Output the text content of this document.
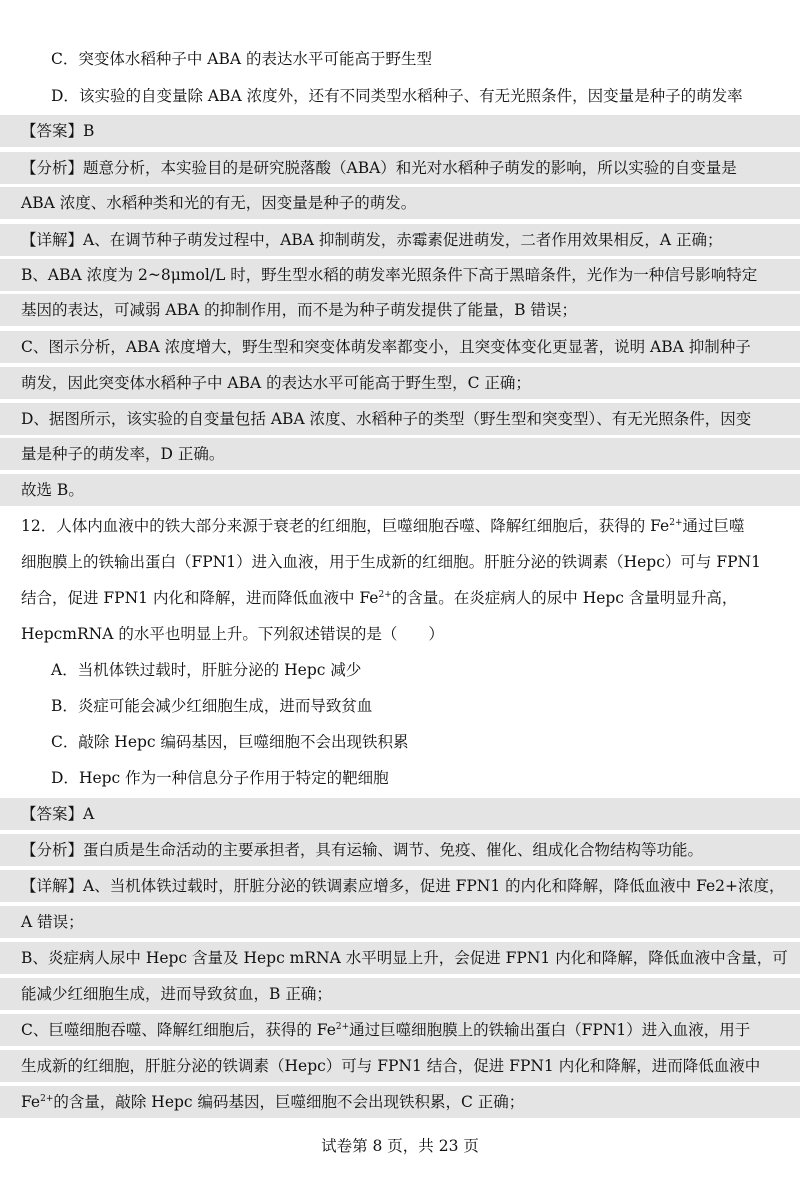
C．突变体水稻种子中 ABA 的表达水平可能高于野生型
D．该实验的自变量除 ABA 浓度外，还有不同类型水稻种子、有无光照条件，因变量是种子的萌发率
【答案】B
【分析】题意分析，本实验目的是研究脱落酸（ABA）和光对水稻种子萌发的影响，所以实验的自变量是
ABA 浓度、水稻种类和光的有无，因变量是种子的萌发。
【详解】A、在调节种子萌发过程中，ABA 抑制萌发，赤霉素促进萌发，二者作用效果相反，A 正确；
B、ABA 浓度为 2~8μmol/L 时，野生型水稻的萌发率光照条件下高于黑暗条件，光作为一种信号影响特定
基因的表达，可减弱 ABA 的抑制作用，而不是为种子萌发提供了能量，B 错误；
C、图示分析，ABA 浓度增大，野生型和突变体萌发率都变小，且突变体变化更显著，说明 ABA 抑制种子
萌发，因此突变体水稻种子中 ABA 的表达水平可能高于野生型，C 正确；
D、据图所示，该实验的自变量包括 ABA 浓度、水稻种子的类型（野生型和突变型）、有无光照条件，因变
量是种子的萌发率，D 正确。
故选 B。
12．人体内血液中的铁大部分来源于衰老的红细胞，巨噬细胞吞噬、降解红细胞后，获得的 $Fe^{2+}$通过巨噬
细胞膜上的铁输出蛋白（FPN1）进入血液，用于生成新的红细胞。肝脏分泌的铁调素（Hepc）可与 FPN1
结合，促进 FPN1 内化和降解，进而降低血液中 $Fe^{2+}$的含量。在炎症病人的尿中 Hepc 含量明显升高，
HepcmRNA 的水平也明显上升。下列叙述错误的是（　　）
A．当机体铁过载时，肝脏分泌的 Hepc 减少
B．炎症可能会减少红细胞生成，进而导致贫血
C．敲除 Hepc 编码基因，巨噬细胞不会出现铁积累
D．Hepc 作为一种信息分子作用于特定的靶细胞
【答案】A
【分析】蛋白质是生命活动的主要承担者，具有运输、调节、免疫、催化、组成化合物结构等功能。
【详解】A、当机体铁过载时，肝脏分泌的铁调素应增多，促进 FPN1 的内化和降解，降低血液中 Fe2+浓度，
A 错误；
B、炎症病人尿中 Hepc 含量及 Hepc mRNA 水平明显上升，会促进 FPN1 内化和降解，降低血液中含量，可
能减少红细胞生成，进而导致贫血，B 正确；
C、巨噬细胞吞噬、降解红细胞后，获得的 $Fe^{2+}$通过巨噬细胞膜上的铁输出蛋白（FPN1）进入血液，用于
生成新的红细胞，肝脏分泌的铁调素（Hepc）可与 FPN1 结合，促进 FPN1 内化和降解，进而降低血液中
$Fe^{2+}$的含量，敲除 Hepc 编码基因，巨噬细胞不会出现铁积累，C 正确；
试卷第 8 页，共 23 页
